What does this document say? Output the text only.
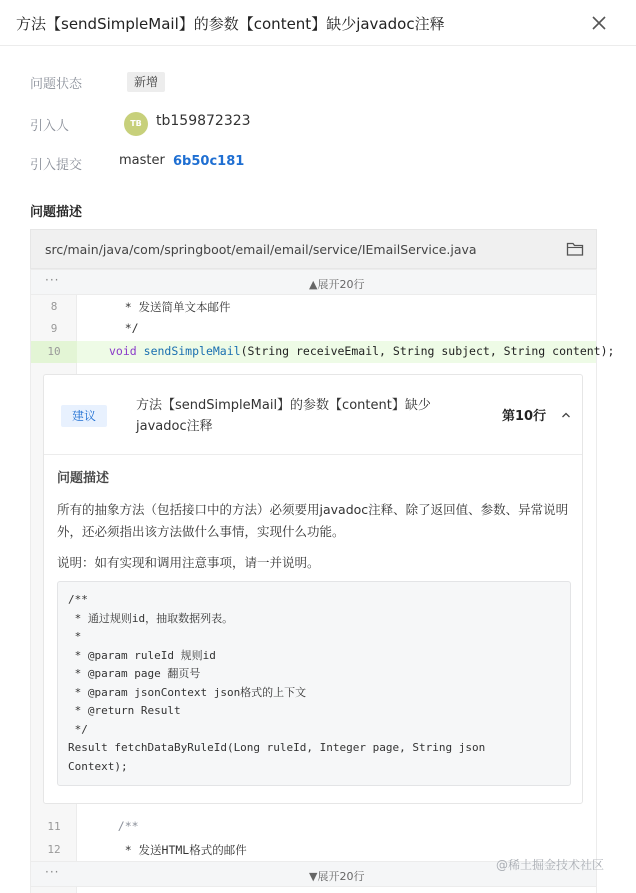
方法【sendSimpleMail】的参数【content】缺少javadoc注释
问题状态	新增
引入人	TB	tb159872323
引入提交	master 6b50c181
问题描述
src/main/java/com/springboot/email/email/service/IEmailService.java
···	▲展开20行
8	* 发送简单文本邮件
9	*/
10	void sendSimpleMail(String receiveEmail, String subject, String content);
11	/**
12	* 发送HTML格式的邮件
···	▼展开20行
建议
方法【sendSimpleMail】的参数【content】缺少javadoc注释
第10行
问题描述
所有的抽象方法（包括接口中的方法）必须要用javadoc注释、除了返回值、参数、异常说明外，还必须指出该方法做什么事情，实现什么功能。
说明：如有实现和调用注意事项，请一并说明。
/**
* 通过规则id，抽取数据列表。
*
* @param ruleId 规则id
* @param page 翻页号
* @param jsonContext json格式的上下文
* @return Result
*/
Result fetchDataByRuleId(Long ruleId, Integer page, String json
Context);
@稀土掘金技术社区
